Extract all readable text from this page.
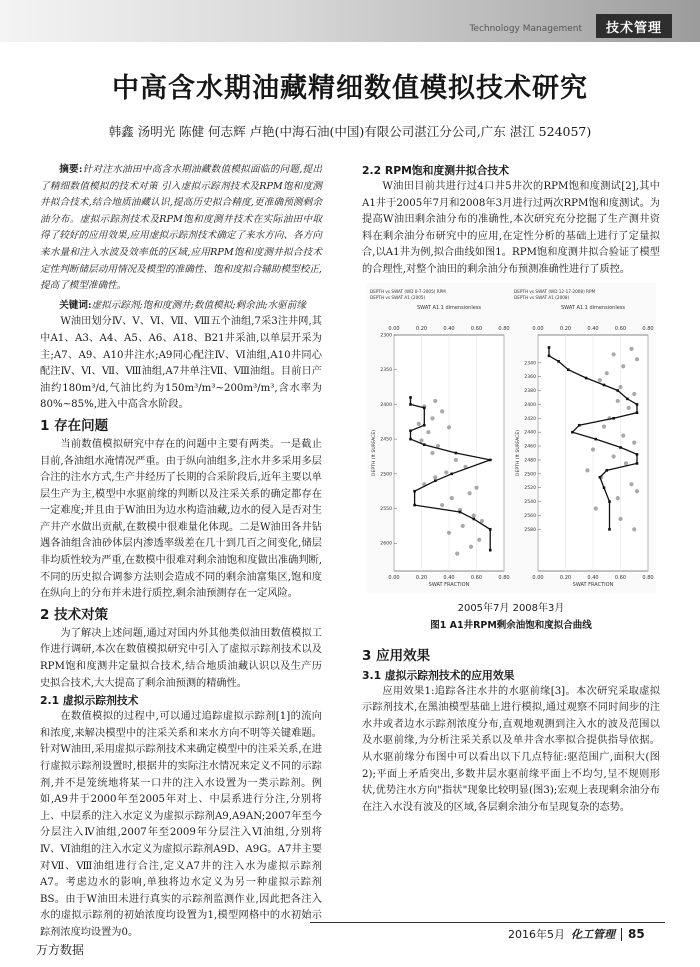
Technology Management	技术管理
中高含水期油藏精细数值模拟技术研究
韩鑫 汤明光 陈健 何志辉 卢艳(中海石油(中国)有限公司湛江分公司,广东 湛江 524057)

摘要:针对注水油田中高含水期油藏数值模拟面临的问题,提出了精细数值模拟的技术对策 引入虚拟示踪剂技术及RPM饱和度测井拟合技术,结合地质油藏认识,提高历史拟合精度,更准确预测剩余油分布。虚拟示踪剂技术及RPM饱和度测井技术在实际油田中取得了较好的应用效果,应用虚拟示踪剂技术确定了来水方向、各方向来水量和注入水波及效率低的区域,应用RPM饱和度测井拟合技术定性判断储层动用情况及模型的准确性、饱和度拟合辅助模型校正,提高了模型准确性。

关键词:虚拟示踪剂;饱和度测井;数值模拟;剩余油;水驱前缘

W油田划分Ⅳ、Ⅴ、Ⅵ、Ⅶ、Ⅷ五个油组,7采3注井网,其中A1、A3、A4、A5、A6、A18、B21井采油,以单层开采为主;A7、A9、A10井注水;A9同心配注Ⅳ、Ⅵ油组,A10井同心配注Ⅳ、Ⅵ、Ⅶ、Ⅷ油组,A7井单注Ⅶ、Ⅷ油组。目前日产油约180m³/d,气油比约为150m³/m³~200m³/m³,含水率为80%~85%,进入中高含水阶段。

1 存在问题

当前数值模拟研究中存在的问题中主要有两类。一是截止目前,各油组水淹情况严重。由于纵向油组多,注水井多采用多层合注的注水方式,生产井经历了长期的合采阶段后,近年主要以单层生产为主,模型中水驱前缘的判断以及注采关系的确定都存在一定难度;并且由于W油田为边水构造油藏,边水的侵入是否对生产井产水做出贡献,在数模中很难量化体现。二是W油田各井钻遇各油组含油砂体层内渗透率级差在几十到几百之间变化,储层非均质性较为严重,在数模中很难对剩余油饱和度做出准确判断,不同的历史拟合调参方法则会造成不同的剩余油富集区,饱和度在纵向上的分布并未进行质控,剩余油预测存在一定风险。

2 技术对策

为了解决上述问题,通过对国内外其他类似油田数值模拟工作进行调研,本次在数值模拟研究中引入了虚拟示踪剂技术以及RPM饱和度测井定量拟合技术,结合地质油藏认识以及生产历史拟合技术,大大提高了剩余油预测的精确性。

2.1 虚拟示踪剂技术

在数值模拟的过程中,可以通过追踪虚拟示踪剂[1]的流向和浓度,来解决模型中的注采关系和来水方向不明等关键难题。针对W油田,采用虚拟示踪剂技术来确定模型中的注采关系,在进行虚拟示踪剂设置时,根据井的实际注水情况来定义不同的示踪剂,并不是笼统地将某一口井的注入水设置为一类示踪剂。例如,A9井于2000年至2005年对上、中层系进行分注,分别将上、中层系的注入水定义为虚拟示踪剂A9,A9AN;2007年至今分层注入Ⅳ油组,2007年至2009年分层注入Ⅵ油组,分别将Ⅳ、Ⅵ油组的注入水定义为虚拟示踪剂A9D、A9G。A7井主要对Ⅶ、Ⅷ油组进行合注,定义A7井的注入水为虚拟示踪剂A7。考虑边水的影响,单独将边水定义为另一种虚拟示踪剂BS。由于W油田未进行真实的示踪剂监测作业,因此把各注入水的虚拟示踪剂的初始浓度均设置为1,模型网格中的水初始示踪剂浓度均设置为0。

2.2 RPM饱和度测井拟合技术

W油田目前共进行过4口井5井次的RPM饱和度测试[2],其中A1井于2005年7月和2008年3月进行过两次RPM饱和度测试。为提高W油田剩余油分布的准确性,本次研究充分挖掘了生产测井资料在剩余油分布研究中的应用,在定性分析的基础上进行了定量拟合,以A1井为例,拟合曲线如图1。RPM饱和度测井拟合验证了模型的合理性,对整个油田的剩余油分布预测准确性进行了质控。

DEPTH vs SWAT (WD 0-7-2005) RPM
DEPTH vs SWAT A1 (2005)
SWAT A1.1 dimensionless
0.00
0.00
0.20
0.20
0.40
0.40
0.60
0.60
0.80
0.80
2300
2350
2400
2450
2500
2550
2600
SWAT FRACTION
DEPTH (ft SURFACE)
DEPTH vs SWAT (WD 12-17-2008) RPM
DEPTH vs SWAT A1 (2008)
SWAT A1.1 dimensionless
0.00
0.00
0.20
0.20
0.40
0.40
0.60
0.60
0.80
0.80
2340
2360
2380
2400
2420
2440
2460
2480
2500
2520
2540
2560
2580
SWAT FRACTION
DEPTH (ft SURFACE)
2005年7月 2008年3月
图1 A1井RPM剩余油饱和度拟合曲线
3 应用效果
3.1 虚拟示踪剂技术的应用效果

应用效果1:追踪各注水井的水驱前缘[3]。本次研究采取虚拟示踪剂技术,在黑油模型基础上进行模拟,通过观察不同时间步的注水井或者边水示踪剂浓度分布,直观地观测到注入水的波及范围以及水驱前缘,为分析注采关系以及单井含水率拟合提供指导依据。从水驱前缘分布图中可以看出以下几点特征:驱范围广,面积大(图2);平面上矛盾突出,多数井层水驱前缘平面上不均匀,呈不规则形状,优势注水方向"指状"现象比较明显(图3);宏观上表现剩余油分布在注入水没有波及的区域,各层剩余油分布呈现复杂的态势。

2016年5月 化工管理 85
万方数据
